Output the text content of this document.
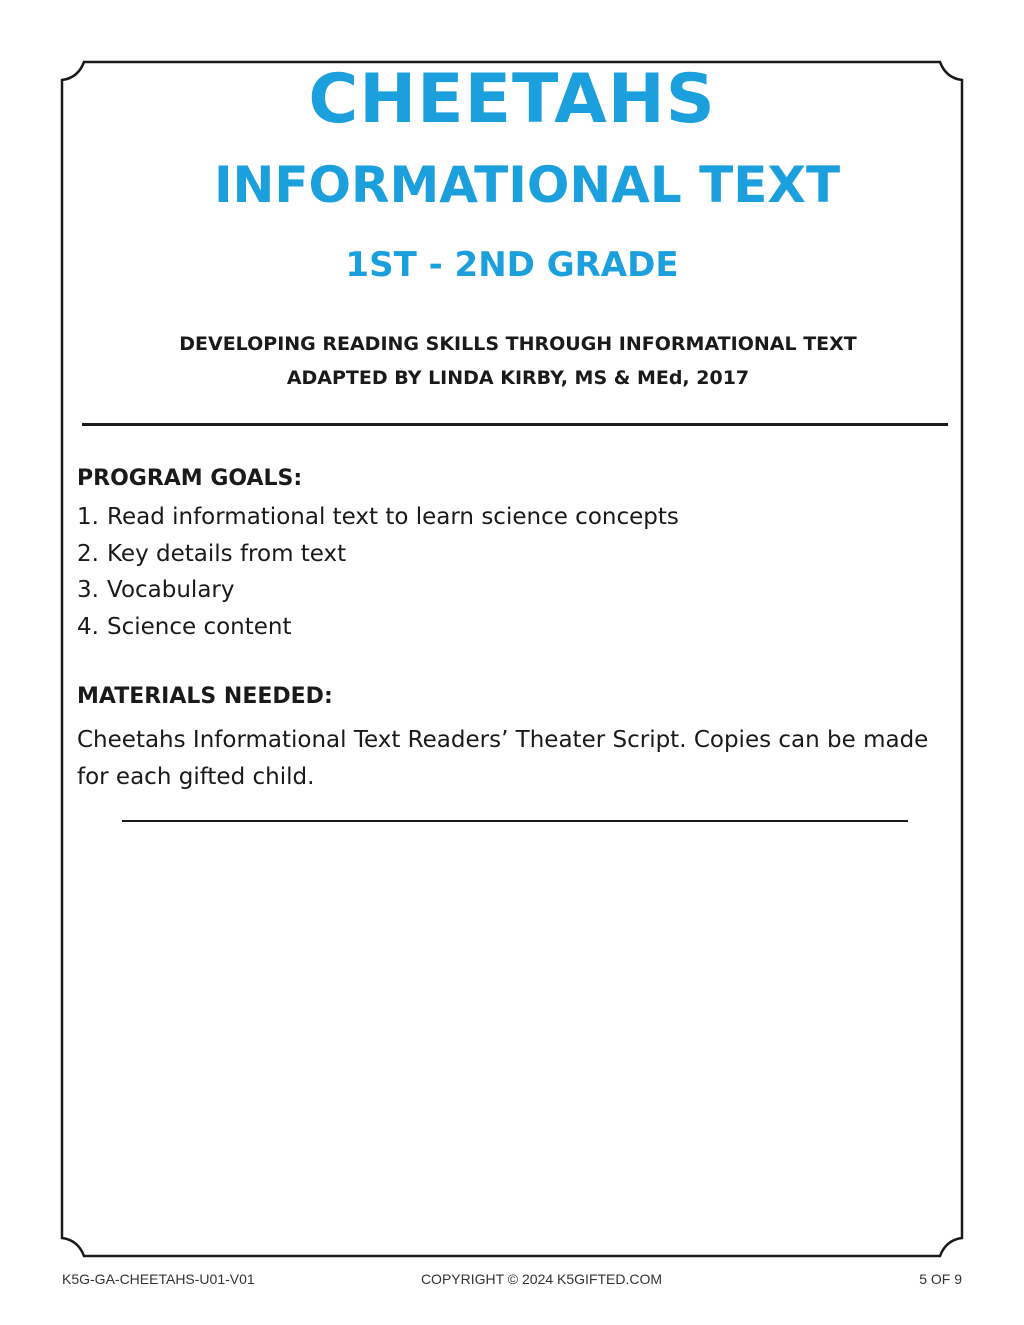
CHEETAHS
INFORMATIONAL TEXT
1ST - 2ND GRADE
DEVELOPING READING SKILLS THROUGH INFORMATIONAL TEXT
ADAPTED BY LINDA KIRBY, MS & MEd, 2017
PROGRAM GOALS:
1. Read informational text to learn science concepts
2. Key details from text
3. Vocabulary
4. Science content
MATERIALS NEEDED:
Cheetahs Informational Text Readers’ Theater Script. Copies can be made for each gifted child.
K5G-GA-CHEETAHS-U01-V01	COPYRIGHT © 2024 K5GIFTED.COM	5 OF 9
